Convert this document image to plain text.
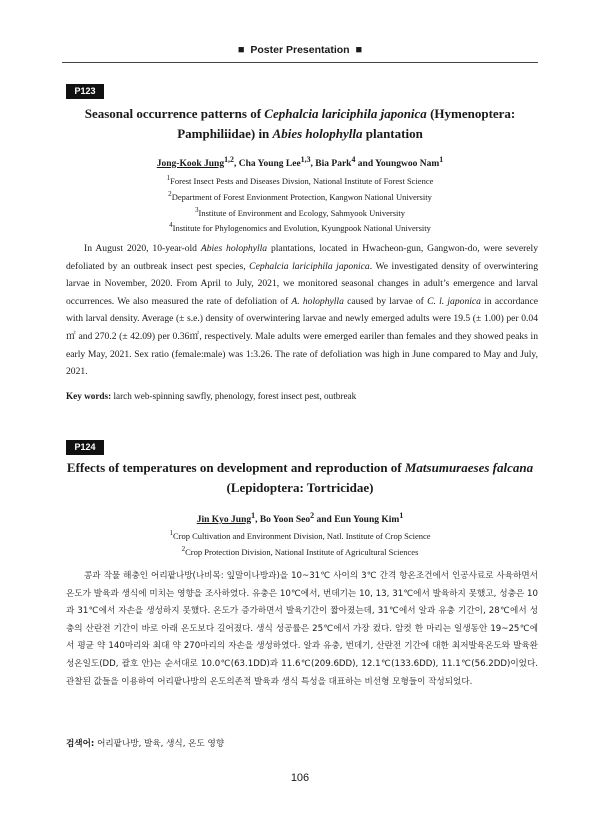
■ Poster Presentation ■
P123
Seasonal occurrence patterns of Cephalcia lariciphila japonica (Hymenoptera:
Pamphiliidae) in Abies holophylla plantation
Jong-Kook Jung$^{1,2}$, Cha Young Lee$^{1,3}$, Bia Park$^4$ and Youngwoo Nam$^1$
$^1$Forest Insect Pests and Diseases Divsion, National Institute of Forest Science
$^2$Department of Forest Envionment Protection, Kangwon National University
$^3$Institute of Environment and Ecology, Sahmyook University
$^4$Institute for Phylogenomics and Evolution, Kyungpook National University
In August 2020, 10-year-old Abies holophylla plantations, located in Hwacheon-gun, Gangwon-do, were severely defoliated by an outbreak insect pest species, Cephalcia lariciphila japonica. We investigated density of overwintering larvae in November, 2020. From April to July, 2021, we monitored seasonal changes in adult’s emergence and larval occurrences. We also measured the rate of defoliation of A. holophylla caused by larvae of C. l. japonica in accordance with larval density. Average (± s.e.) density of overwintering larvae and newly emerged adults were 19.5 (± 1.00) per 0.04㎡ and 270.2 (± 42.09) per 0.36㎡, respectively. Male adults were emerged eariler than females and they showed peaks in early May, 2021. Sex ratio (female:male) was 1:3.26. The rate of defoliation was high in June compared to May and July, 2021.
Key words: larch web-spinning sawfly, phenology, forest insect pest, outbreak
P124
Effects of temperatures on development and reproduction of Matsumuraeses falcana
(Lepidoptera: Tortricidae)
Jin Kyo Jung$^1$, Bo Yoon Seo$^2$ and Eun Young Kim$^1$
$^1$Crop Cultivation and Environment Division, Natl. Institute of Crop Science
$^2$Crop Protection Division, National Institute of Agricultural Sciences
콩과 작물 해충인 어리팥나방(나비목: 잎말이나방과)을 10~31℃ 사이의 3℃ 간격 항온조건에서 인공사료로 사육하면서 온도가 발육과 생식에 미치는 영향을 조사하였다. 유충은 10℃에서, 번데기는 10, 13, 31℃에서 발육하지 못했고, 성충은 10과 31℃에서 자손을 생성하지 못했다. 온도가 증가하면서 발육기간이 짧아졌는데, 31℃에서 알과 유충 기간이, 28℃에서 성충의 산란전 기간이 바로 아래 온도보다 길어졌다. 생식 성공률은 25℃에서 가장 컸다. 암컷 한 마리는 일생동안 19~25℃에서 평균 약 140마리와 최대 약 270마리의 자손을 생성하였다. 알과 유충, 번데기, 산란전 기간에 대한 최저발육온도와 발육완성온일도(DD, 괄호 안)는 순서대로 10.0℃(63.1DD)과 11.6℃(209.6DD), 12.1℃(133.6DD), 11.1℃(56.2DD)이었다. 관찰된 값들을 이용하여 어리팥나방의 온도의존적 발육과 생식 특성을 대표하는 비선형 모형들이 작성되었다.
검색어: 어리팥나방, 발육, 생식, 온도 영향
106
